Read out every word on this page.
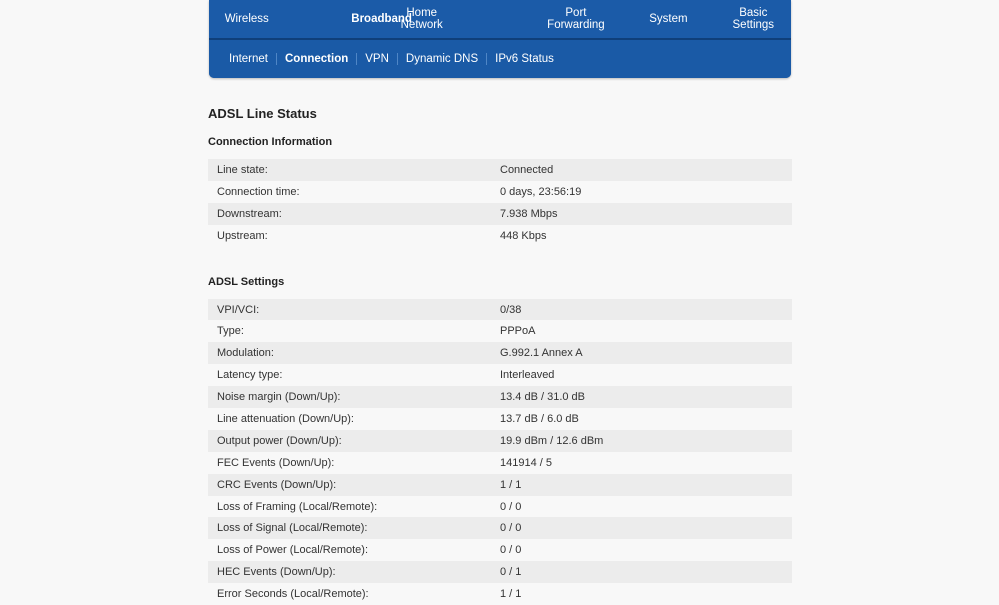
Wireless	Broadband
Home
Network
Port
Forwarding	System	Basic
Settings
Internet	Connection	VPN	Dynamic DNS	IPv6 Status
ADSL Line Status
Connection Information
Line state:	Connected
Connection time:	0 days, 23:56:19
Downstream:	7.938 Mbps
Upstream:	448 Kbps
ADSL Settings
VPI/VCI:	0/38
Type:	PPPoA
Modulation:	G.992.1 Annex A
Latency type:	Interleaved
Noise margin (Down/Up):	13.4 dB / 31.0 dB
Line attenuation (Down/Up):	13.7 dB / 6.0 dB
Output power (Down/Up):	19.9 dBm / 12.6 dBm
FEC Events (Down/Up):	141914 / 5
CRC Events (Down/Up):	1 / 1
Loss of Framing (Local/Remote):	0 / 0
Loss of Signal (Local/Remote):	0 / 0
Loss of Power (Local/Remote):	0 / 0
HEC Events (Down/Up):	0 / 1
Error Seconds (Local/Remote):	1 / 1
